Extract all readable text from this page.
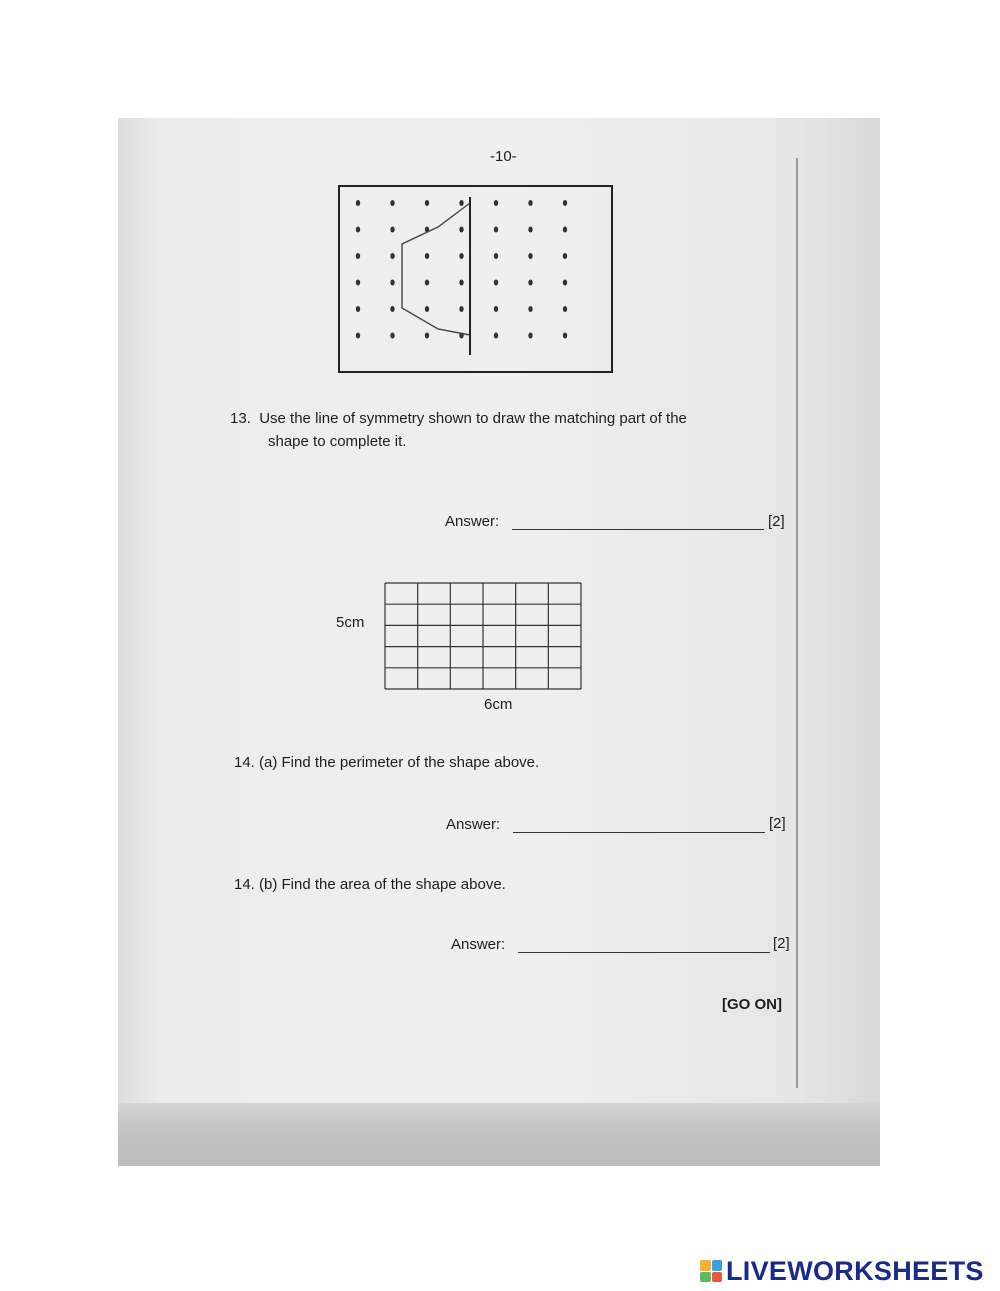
-10-
13. Use the line of symmetry shown to draw the matching part of the
shape to complete it.
Answer:	[2]
5cm
6cm
14. (a) Find the perimeter of the shape above.
Answer:	[2]
14. (b) Find the area of the shape above.
Answer:	[2]
[GO ON]
LIVEWORKSHEETS
